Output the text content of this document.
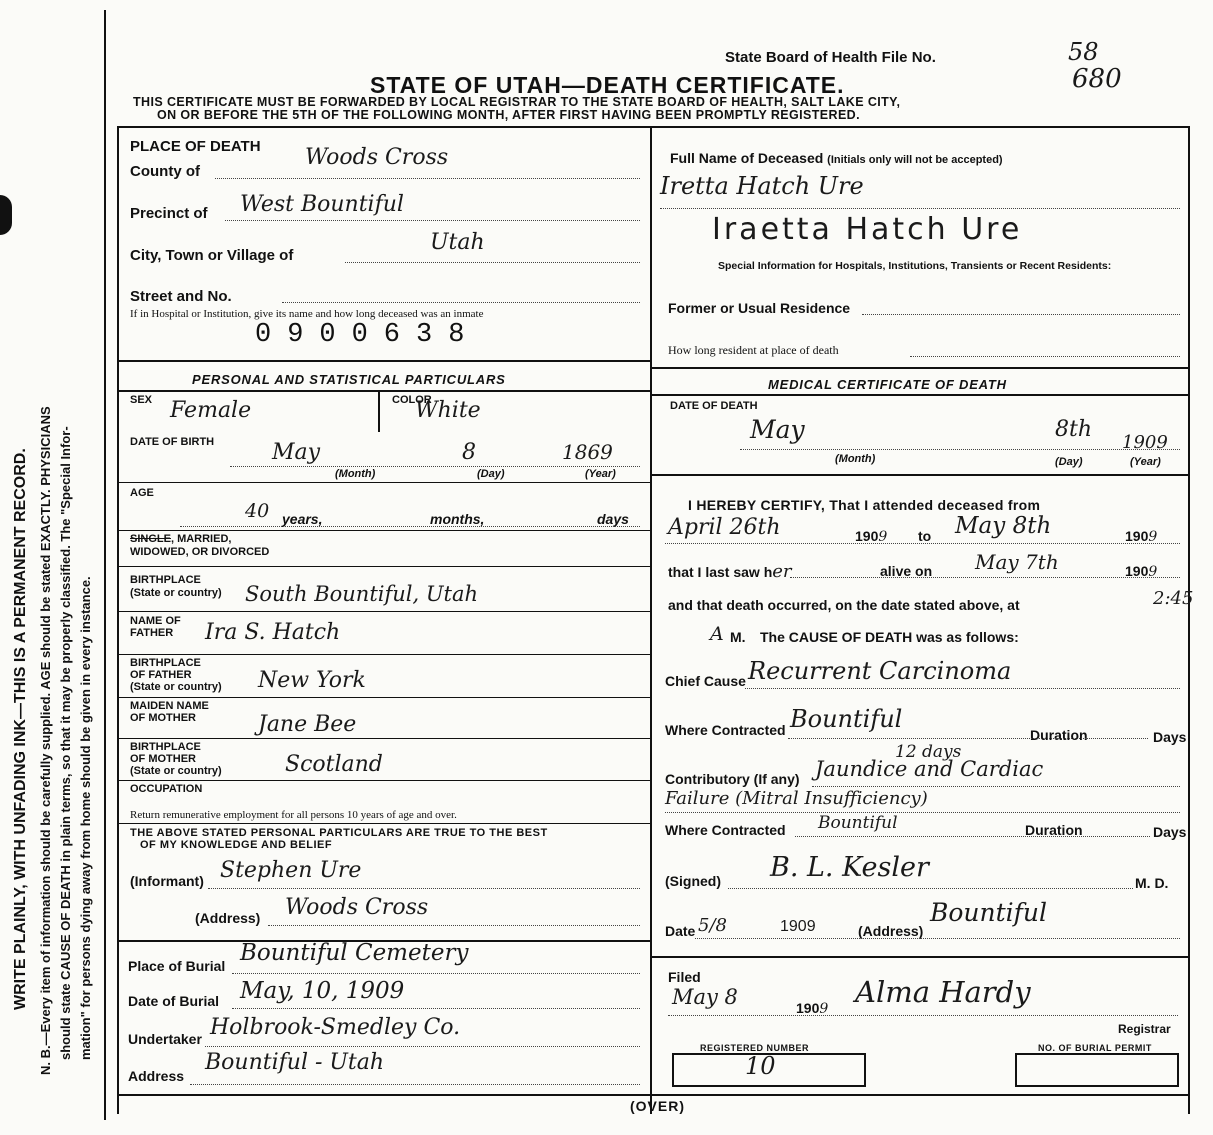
WRITE PLAINLY, WITH UNFADING INK—THIS IS A PERMANENT RECORD. N. B.—Every item of information should be carefully supplied. AGE should be stated EXACTLY. PHYSICIANS should state CAUSE OF DEATH in plain terms, so that it may be properly classified. The "Special Infor- mation" for persons dying away from home should be given in every instance.
State Board of Health File No.	58
680
STATE OF UTAH—DEATH CERTIFICATE.
THIS CERTIFICATE MUST BE FORWARDED BY LOCAL REGISTRAR TO THE STATE BOARD OF HEALTH, SALT LAKE CITY,
ON OR BEFORE THE 5TH OF THE FOLLOWING MONTH, AFTER FIRST HAVING BEEN PROMPTLY REGISTERED.
PLACE OF DEATH
County of
Woods Cross
Precinct of West Bountiful
City, Town or Village of
Utah
Street and No.
If in Hospital or Institution, give its name and how long deceased was an inmate
0900638
PERSONAL AND STATISTICAL PARTICULARS
SEX Female	COLOR
White
DATE OF BIRTH	May	8	1869
(Month)	(Day)	(Year)
AGE
40 years,	months,	days
SINGLE, MARRIED,
WIDOWED, OR DIVORCED
BIRTHPLACE
(State or country) South Bountiful, Utah
NAME OF
FATHER Ira S. Hatch
BIRTHPLACE
OF FATHER
(State or country) New York
MAIDEN NAME
OF MOTHER	Jane Bee
BIRTHPLACE
OF MOTHER
(State or country)	Scotland
OCCUPATION
Return remunerative employment for all persons 10 years of age and over.
THE ABOVE STATED PERSONAL PARTICULARS ARE TRUE TO THE BEST
OF MY KNOWLEDGE AND BELIEF
(Informant) Stephen Ure
(Address) Woods Cross
Place of Burial Bountiful Cemetery
Date of Burial May, 10, 1909
Undertaker Holbrook-Smedley Co.
Address
Bountiful - Utah
Full Name of Deceased (Initials only will not be accepted)
Iretta Hatch Ure
Iraetta Hatch Ure
Special Information for Hospitals, Institutions, Transients or Recent Residents:
Former or Usual Residence
How long resident at place of death
MEDICAL CERTIFICATE OF DEATH
DATE OF DEATH
May	8th
1909
(Month)	(Day)	(Year)
I HEREBY CERTIFY, That I attended deceased from
April 26th	1909 to May 8th	1909
that I last saw her	alive on May 7th	1909
and that death occurred, on the date stated above, at	2:45
A M. The CAUSE OF DEATH was as follows:
Chief Cause Recurrent Carcinoma
Where Contracted Bountiful
Duration	Days
12 days
Contributory (If any) Jaundice and Cardiac
Failure (Mitral Insufficiency)
Where Contracted Bountiful	Duration	Days
(Signed) B. L. Kesler	M. D.
Date 5/8	1909	(Address)
Bountiful
Filed
May 8	1909 Alma Hardy
Registrar
REGISTERED NUMBER
10
NO. OF BURIAL PERMIT
(OVER)
